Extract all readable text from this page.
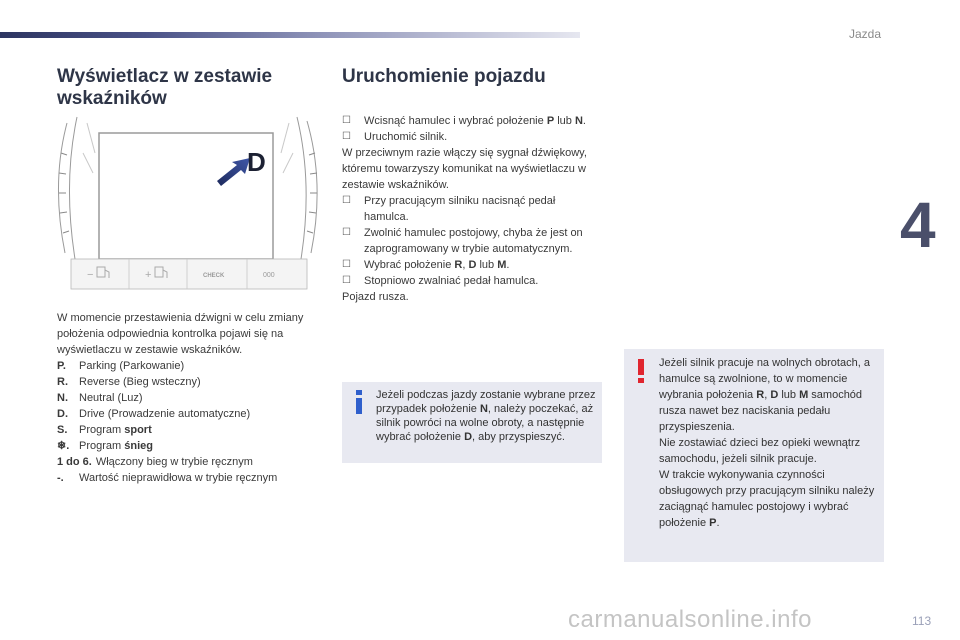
Jazda
4
Wyświetlacz w zestawie wskaźników
Uruchomienie pojazdu
D
−	+	CHECK	000
W momencie przestawienia dźwigni w celu zmiany położenia odpowiednia kontrolka pojawi się na wyświetlaczu w zestawie wskaźników.
P.	Parking (Parkowanie)
R.	Reverse (Bieg wsteczny)
N.	Neutral (Luz)
D.	Drive (Prowadzenie automatyczne)
S.	Program sport
❄. Program śnieg
1 do 6. Włączony bieg w trybie ręcznym
-.	Wartość nieprawidłowa w trybie ręcznym
☐	Wcisnąć hamulec i wybrać położenie P lub N.
☐	Uruchomić silnik.
W przeciwnym razie włączy się sygnał dźwiękowy, któremu towarzyszy komunikat na wyświetlaczu w zestawie wskaźników.
☐	Przy pracującym silniku nacisnąć pedał hamulca.
☐	Zwolnić hamulec postojowy, chyba że jest on zaprogramowany w trybie automatycznym.
☐	Wybrać położenie R, D lub M.
☐	Stopniowo zwalniać pedał hamulca.
Pojazd rusza.
Jeżeli podczas jazdy zostanie wybrane przez przypadek położenie N, należy poczekać, aż silnik powróci na wolne obroty, a następnie wybrać położenie D, aby przyspieszyć.
Jeżeli silnik pracuje na wolnych obrotach, a hamulce są zwolnione, to w momencie wybrania położenia R, D lub M samochód rusza nawet bez naciskania pedału przyspieszenia.
Nie zostawiać dzieci bez opieki wewnątrz samochodu, jeżeli silnik pracuje.
W trakcie wykonywania czynności obsługowych przy pracującym silniku należy zaciągnąć hamulec postojowy i wybrać położenie P.
carmanualsonline.info	113
